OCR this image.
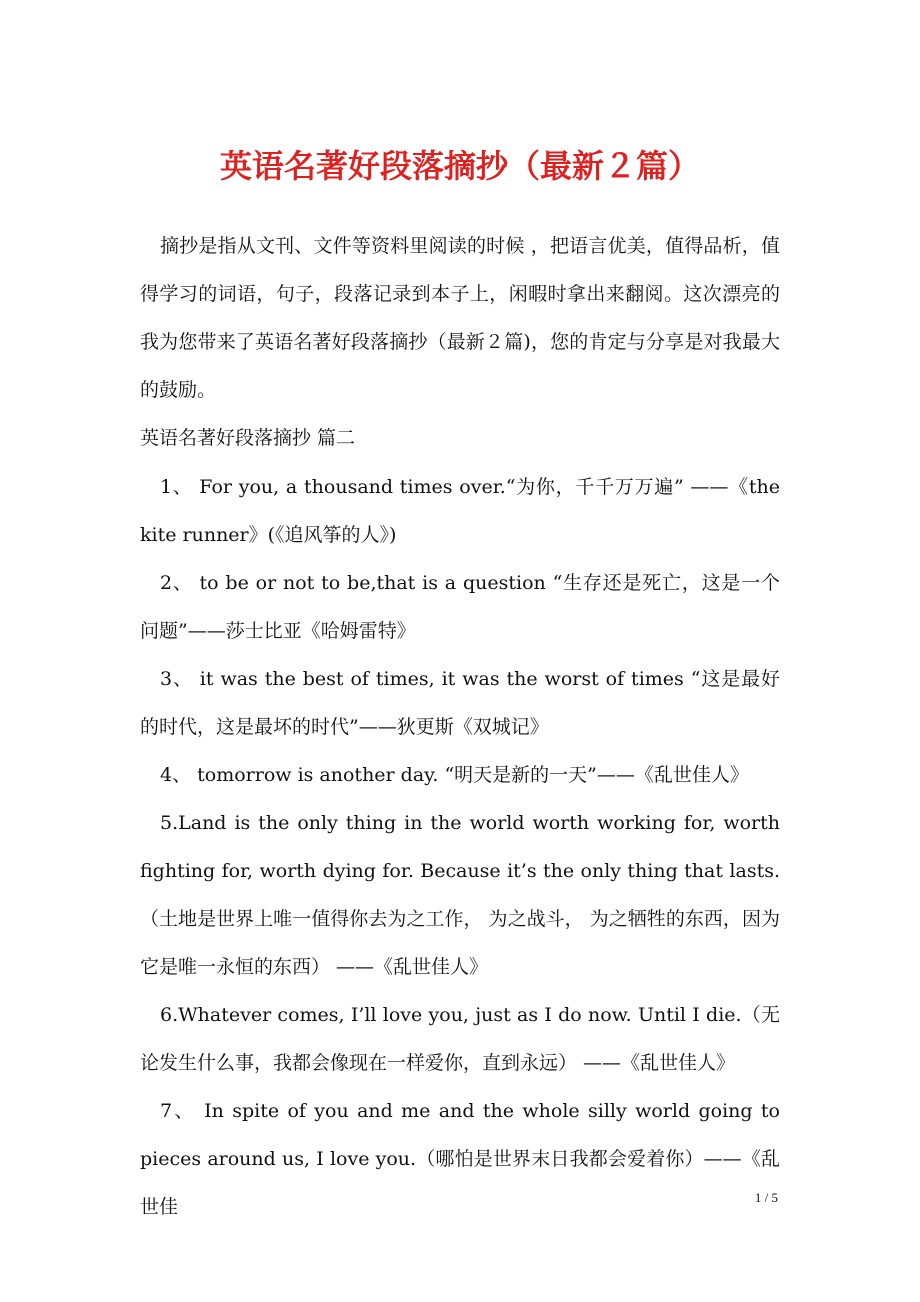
英语名著好段落摘抄（最新２篇）
摘抄是指从文刊、文件等资料里阅读的时候 ，把语言优美，值得品析，值得学习的词语，句子，段落记录到本子上，闲暇时拿出来翻阅。这次漂亮的我为您带来了英语名著好段落摘抄（最新２篇)，您的肯定与分享是对我最大的鼓励。
英语名著好段落摘抄 篇二

1、 For you, a thousand times over.“为你，千千万万遍” ——《the kite runner》(《追风筝的人》)

2、 to be or not to be,that is a question “生存还是死亡，这是一个问题”——莎士比亚《哈姆雷特》

3、 it was the best of times, it was the worst of times “这是最好的时代，这是最坏的时代”——狄更斯《双城记》

4、 tomorrow is another day. “明天是新的一天”——《乱世佳人》

5.Land is the only thing in the world worth working for, worth fighting for, worth dying for. Because it’s the only thing that lasts.（土地是世界上唯一值得你去为之工作， 为之战斗， 为之牺牲的东西，因为它是唯一永恒的东西） ——《乱世佳人》

6.Whatever comes, I’ll love you, just as I do now. Until I die.（无论发生什么事，我都会像现在一样爱你，直到永远） ——《乱世佳人》

7、 In spite of you and me and the whole silly world going to pieces around us, I love you.（哪怕是世界末日我都会爱着你）——《乱世佳	1 / 5
